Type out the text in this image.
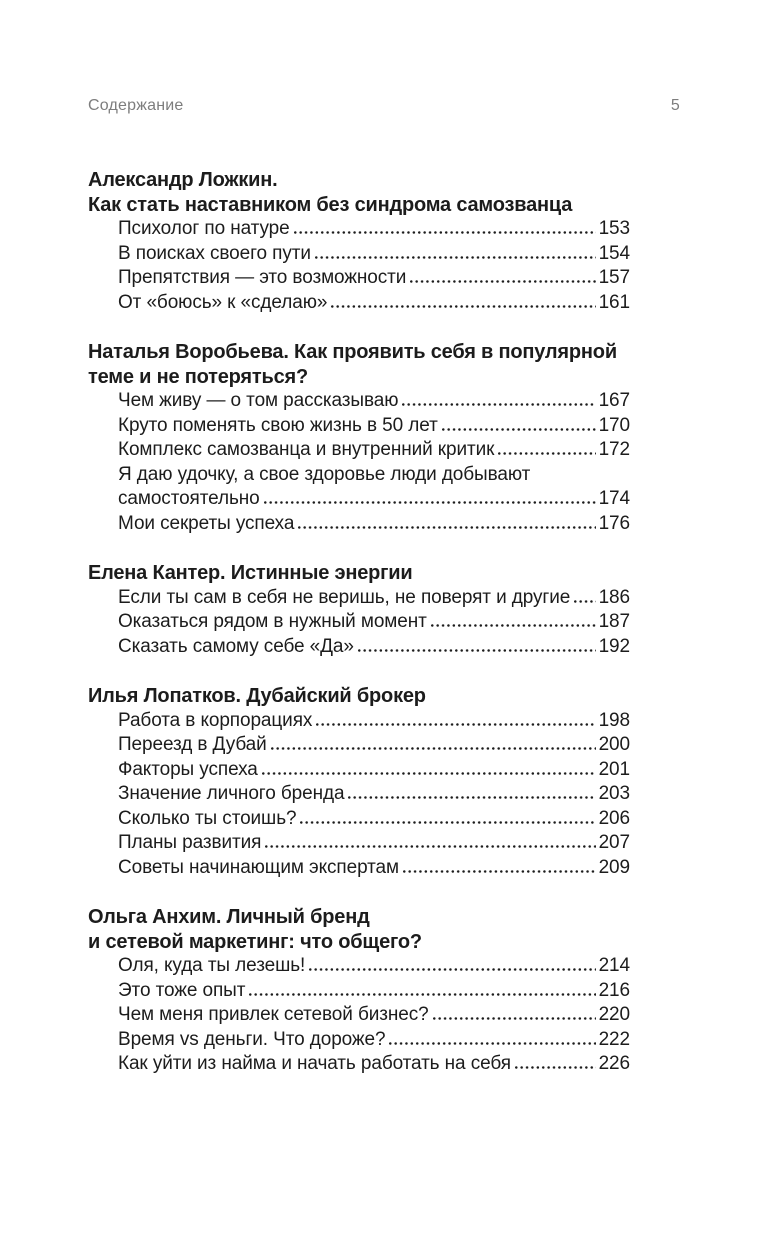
Содержание	5
Александр Ложкин.
Как стать наставником без синдрома самозванца
Психолог по натуре	153
В поисках своего пути	154
Препятствия — это возможности	157
От «боюсь» к «сделаю»	161
Наталья Воробьева. Как проявить себя в популярной
теме и не потеряться?
Чем живу — о том рассказываю	167
Круто поменять свою жизнь в 50 лет	170
Комплекс самозванца и внутренний критик	172
Я даю удочку, а свое здоровье люди добывают
самостоятельно	174
Мои секреты успеха	176
Елена Кантер. Истинные энергии
Если ты сам в себя не веришь, не поверят и другие 186
Оказаться рядом в нужный момент	187
Сказать самому себе «Да»	192
Илья Лопатков. Дубайский брокер
Работа в корпорациях	198
Переезд в Дубай	200
Факторы успеха	201
Значение личного бренда	203
Сколько ты стоишь?	206
Планы развития	207
Советы начинающим экспертам	209
Ольга Анхим. Личный бренд
и сетевой маркетинг: что общего?
Оля, куда ты лезешь!	214
Это тоже опыт	216
Чем меня привлек сетевой бизнес?	220
Время vs деньги. Что дороже?	222
Как уйти из найма и начать работать на себя	226
